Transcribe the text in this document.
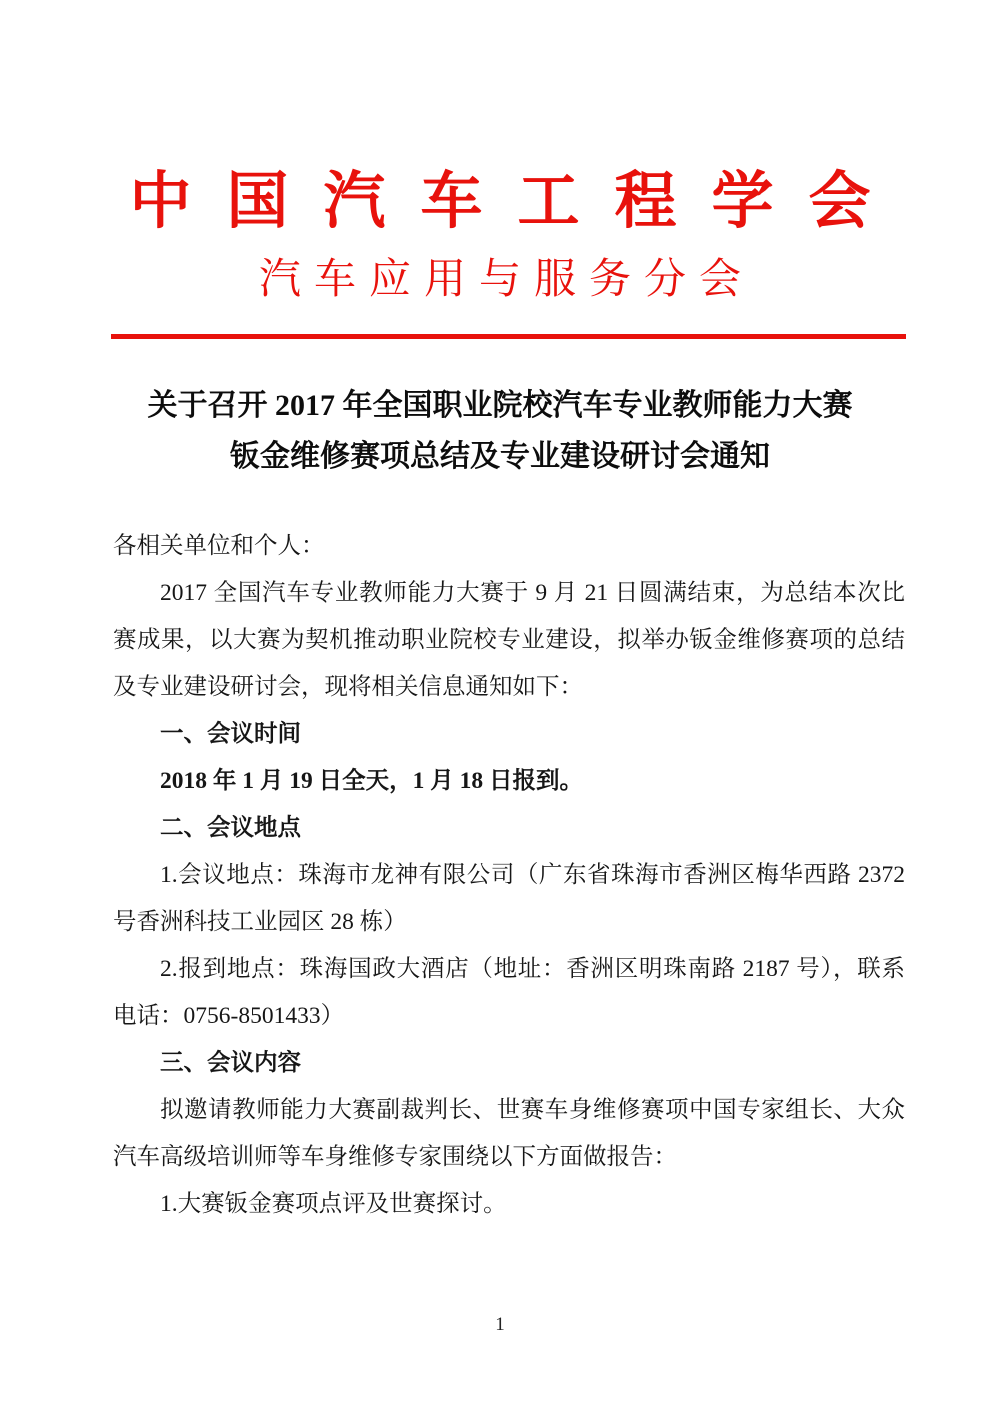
中国汽车工程学会
汽车应用与服务分会
关于召开 2017 年全国职业院校汽车专业教师能力大赛
钣金维修赛项总结及专业建设研讨会通知
各相关单位和个人：
2017 全国汽车专业教师能力大赛于 9 月 21 日圆满结束，为总结本次比赛成果，以大赛为契机推动职业院校专业建设，拟举办钣金维修赛项的总结及专业建设研讨会，现将相关信息通知如下：
一、会议时间
2018 年 1 月 19 日全天，1 月 18 日报到。
二、会议地点
1.会议地点：珠海市龙神有限公司（广东省珠海市香洲区梅华西路 2372 号香洲科技工业园区 28 栋）
2.报到地点：珠海国政大酒店（地址：香洲区明珠南路 2187 号），联系电话：0756-8501433）
三、会议内容
拟邀请教师能力大赛副裁判长、世赛车身维修赛项中国专家组长、大众汽车高级培训师等车身维修专家围绕以下方面做报告：
1.大赛钣金赛项点评及世赛探讨。
1
